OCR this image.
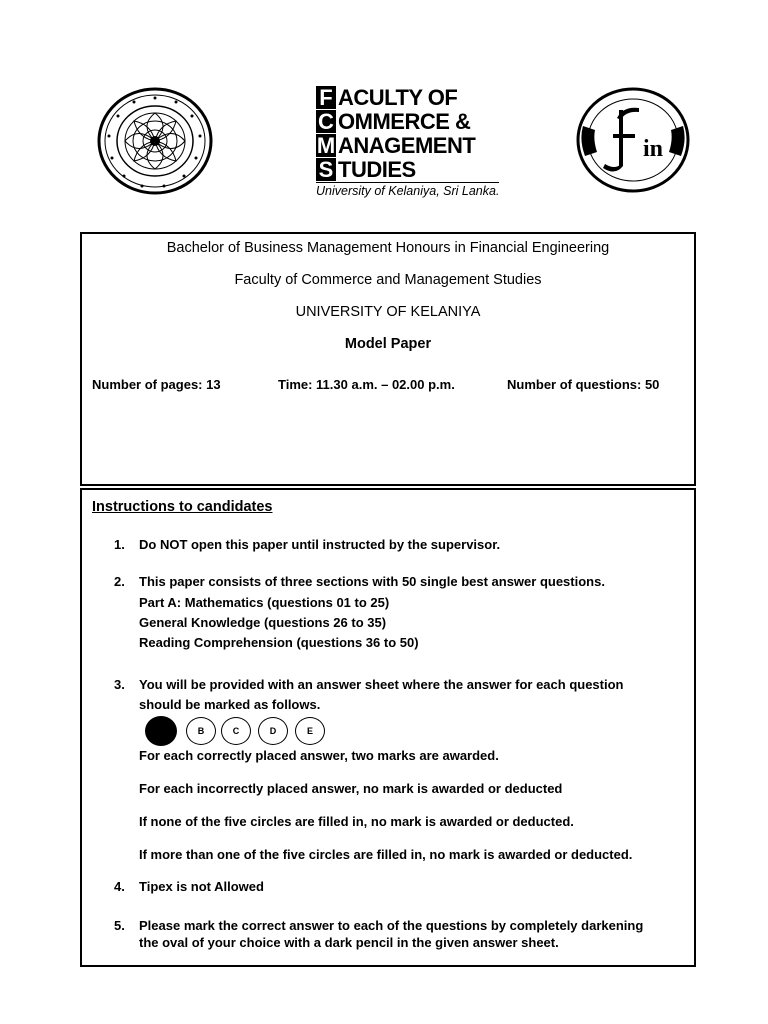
F ACULTY OF
C OMMERCE &
M ANAGEMENT
S TUDIES
University of Kelaniya, Sri Lanka.
in
Bachelor of Business Management Honours in Financial Engineering
Faculty of Commerce and Management Studies
UNIVERSITY OF KELANIYA
Model Paper
Number of pages: 13	Time: 11.30 a.m. – 02.00 p.m.	Number of questions: 50
Instructions to candidates
1.	Do NOT open this paper until instructed by the supervisor.
2.	This paper consists of three sections with 50 single best answer questions.
Part A: Mathematics (questions 01 to 25)
General Knowledge (questions 26 to 35)
Reading Comprehension (questions 36 to 50)
3.	You will be provided with an answer sheet where the answer for each question
should be marked as follows.
B	C	D	E
For each correctly placed answer, two marks are awarded.
For each incorrectly placed answer, no mark is awarded or deducted
If none of the five circles are filled in, no mark is awarded or deducted.
If more than one of the five circles are filled in, no mark is awarded or deducted.
4.	Tipex is not Allowed
5.	Please mark the correct answer to each of the questions by completely darkening
the oval of your choice with a dark pencil in the given answer sheet.
